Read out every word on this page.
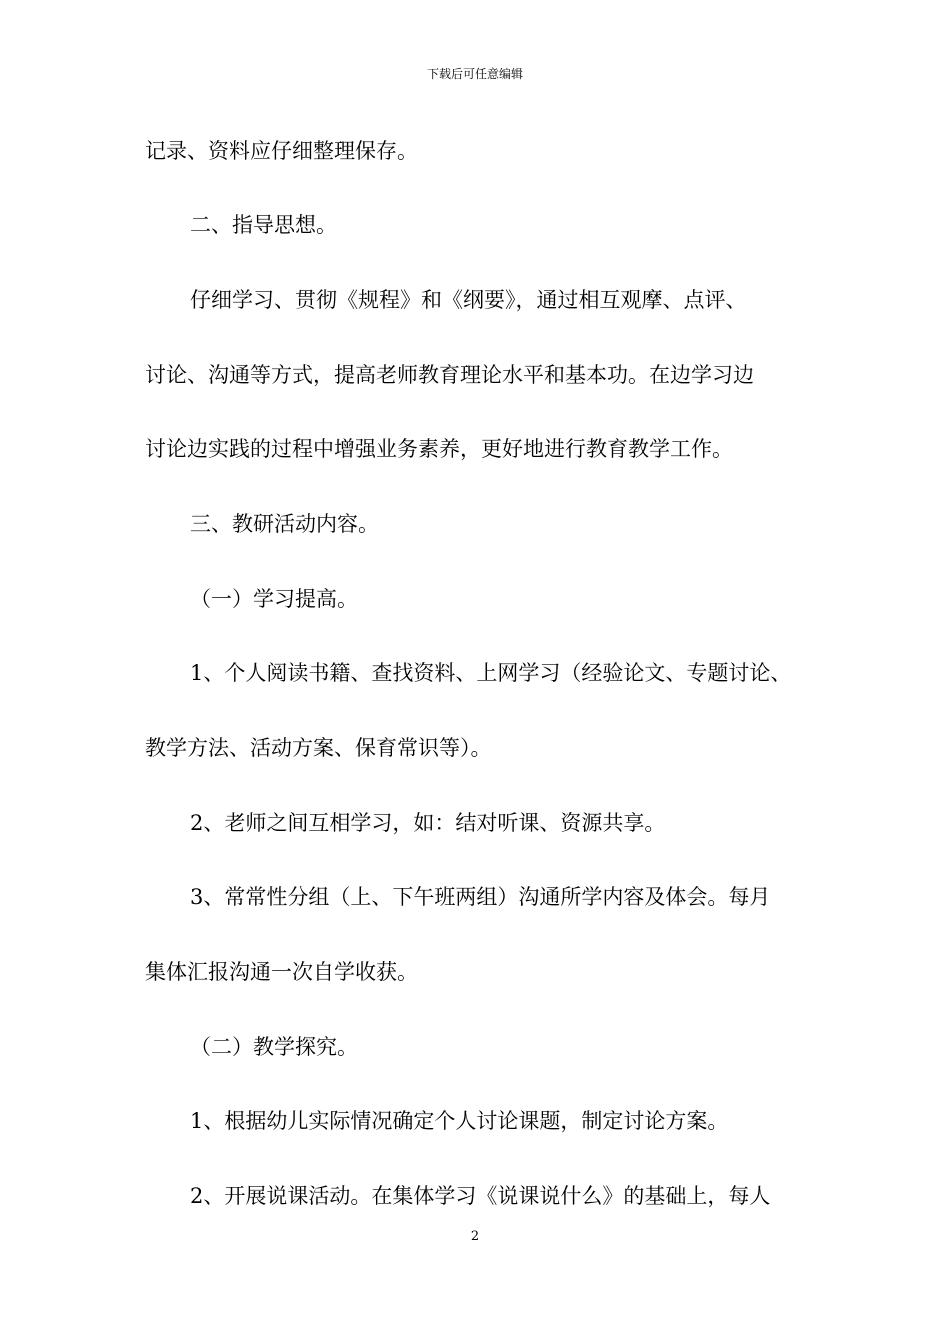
下载后可任意编辑
记录、资料应仔细整理保存。
二、指导思想。
仔细学习、贯彻《规程》和《纲要》，通过相互观摩、点评、
讨论、沟通等方式，提高老师教育理论水平和基本功。在边学习边
讨论边实践的过程中增强业务素养，更好地进行教育教学工作。
三、教研活动内容。
（一）学习提高。
1、个人阅读书籍、查找资料、上网学习（经验论文、专题讨论、
教学方法、活动方案、保育常识等）。
2、老师之间互相学习，如：结对听课、资源共享。
3、常常性分组（上、下午班两组）沟通所学内容及体会。每月
集体汇报沟通一次自学收获。
（二）教学探究。
1、根据幼儿实际情况确定个人讨论课题，制定讨论方案。
2、开展说课活动。在集体学习《说课说什么》的基础上，每人
2
